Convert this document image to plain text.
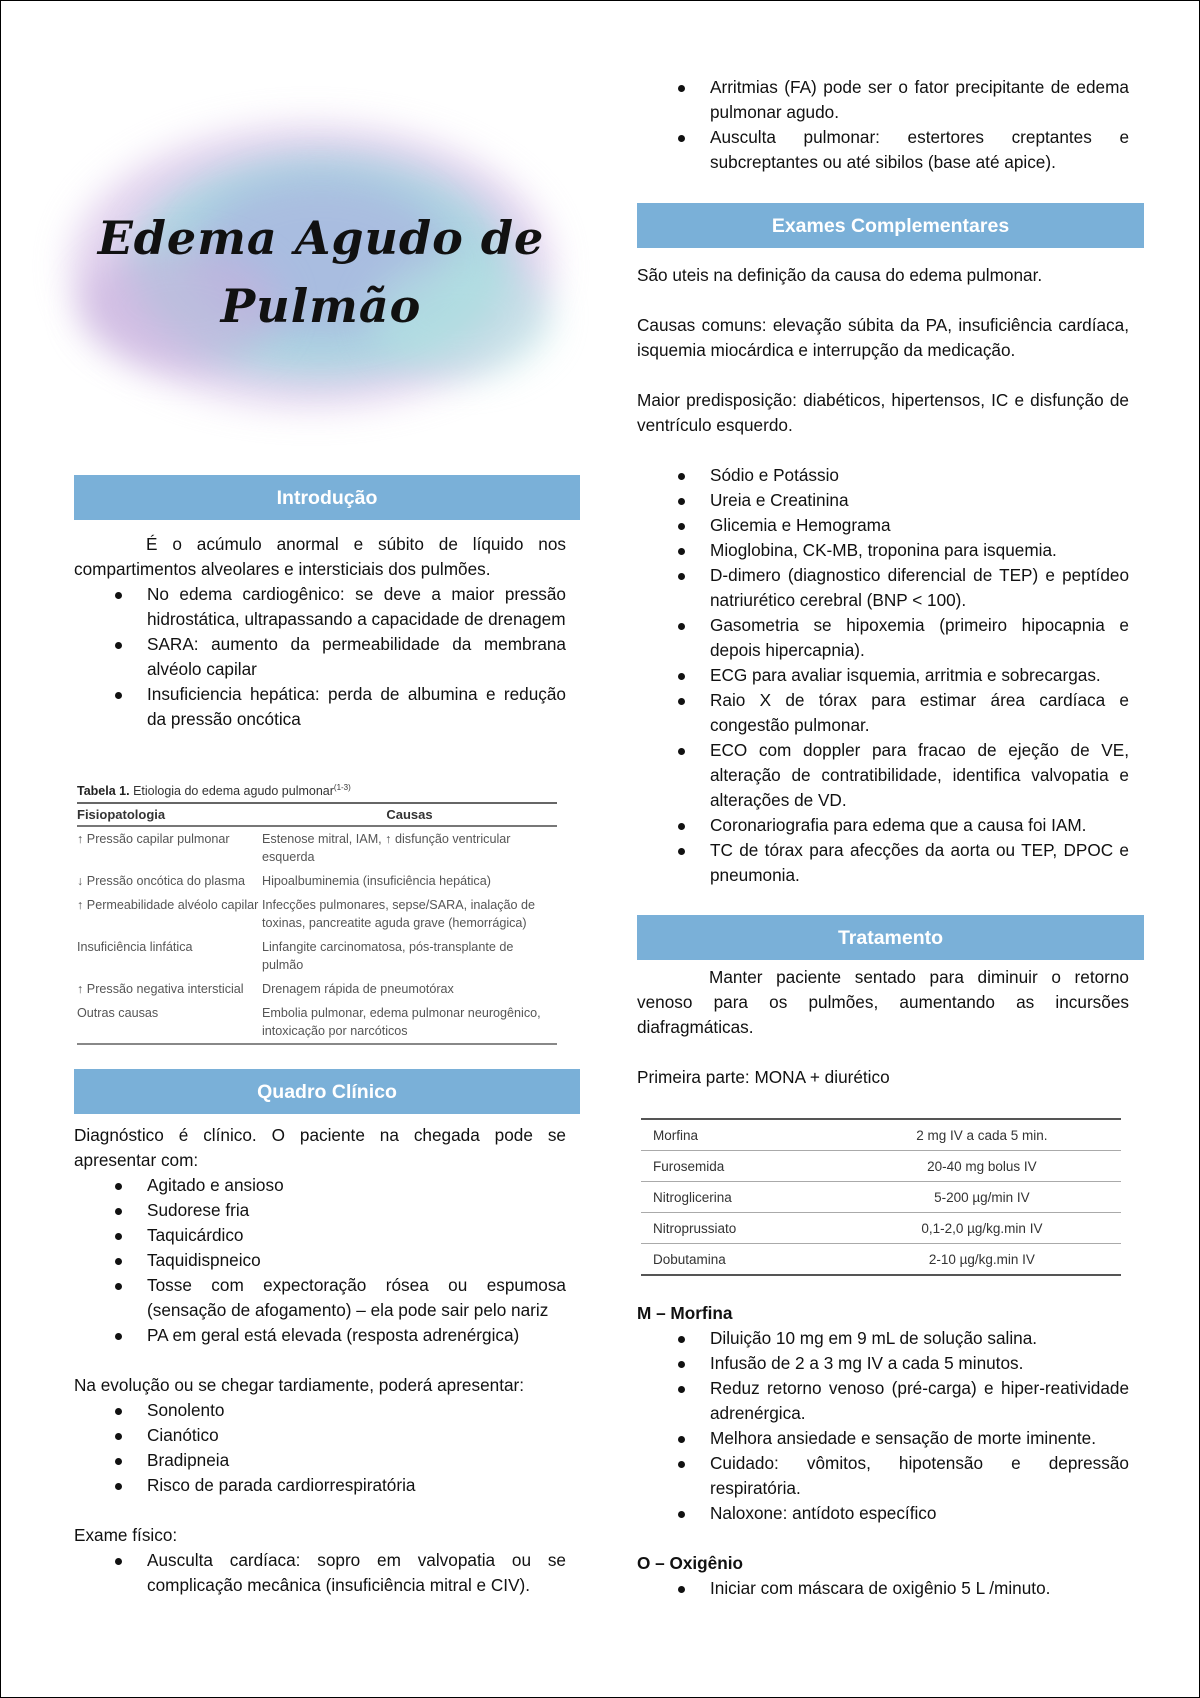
Edema Agudo de
Pulmão
Introdução

É o acúmulo anormal e súbito de líquido nos compartimentos alveolares e intersticiais dos pulmões.

No edema cardiogênico: se deve a maior pressão hidrostática, ultrapassando a capacidade de drenagem
SARA: aumento da permeabilidade da membrana alvéolo capilar
Insuficiencia hepática: perda de albumina e redução da pressão oncótica
Tabela 1. Etiologia do edema agudo pulmonar$^{(1-3)}$
Fisiopatologia	Causas
↑ Pressão capilar pulmonar	Estenose mitral, IAM, ↑ disfunção ventricular esquerda
↓ Pressão oncótica do plasma	Hipoalbuminemia (insuficiência hepática)
↑ Permeabilidade alvéolo capilar	Infecções pulmonares, sepse/SARA, inalação de toxinas, pancreatite aguda grave (hemorrágica)
Insuficiência linfática	Linfangite carcinomatosa, pós-transplante de pulmão
↑ Pressão negativa intersticial	Drenagem rápida de pneumotórax
Outras causas	Embolia pulmonar, edema pulmonar neurogênico, intoxicação por narcóticos
Quadro Clínico

Diagnóstico é clínico. O paciente na chegada pode se apresentar com:

Agitado e ansioso
Sudorese fria
Taquicárdico
Taquidispneico
Tosse com expectoração rósea ou espumosa (sensação de afogamento) – ela pode sair pelo nariz
PA em geral está elevada (resposta adrenérgica)

Na evolução ou se chegar tardiamente, poderá apresentar:

Sonolento
Cianótico
Bradipneia
Risco de parada cardiorrespiratória

Exame físico:

Ausculta cardíaca: sopro em valvopatia ou se complicação mecânica (insuficiência mitral e CIV).
Arritmias (FA) pode ser o fator precipitante de edema pulmonar agudo.
Ausculta pulmonar: estertores creptantes e subcreptantes ou até sibilos (base até apice).
Exames Complementares

São uteis na definição da causa do edema pulmonar.

Causas comuns: elevação súbita da PA, insuficiência cardíaca, isquemia miocárdica e interrupção da medicação.

Maior predisposição: diabéticos, hipertensos, IC e disfunção de ventrículo esquerdo.

Sódio e Potássio
Ureia e Creatinina
Glicemia e Hemograma
Mioglobina, CK-MB, troponina para isquemia.
D-dimero (diagnostico diferencial de TEP) e peptídeo natriurético cerebral (BNP < 100).
Gasometria se hipoxemia (primeiro hipocapnia e depois hipercapnia).
ECG para avaliar isquemia, arritmia e sobrecargas.
Raio X de tórax para estimar área cardíaca e congestão pulmonar.
ECO com doppler para fracao de ejeção de VE, alteração de contratibilidade, identifica valvopatia e alterações de VD.
Coronariografia para edema que a causa foi IAM.
TC de tórax para afecções da aorta ou TEP, DPOC e pneumonia.
Tratamento

Manter paciente sentado para diminuir o retorno venoso para os pulmões, aumentando as incursões diafragmáticas.

Primeira parte: MONA + diurético

M – Morfina
Diluição 10 mg em 9 mL de solução salina.
Infusão de 2 a 3 mg IV a cada 5 minutos.
Reduz retorno venoso (pré-carga) e hiper-reatividade adrenérgica.
Melhora ansiedade e sensação de morte iminente.
Cuidado: vômitos, hipotensão e depressão respiratória.
Naloxone: antídoto específico
O – Oxigênio
Iniciar com máscara de oxigênio 5 L /minuto.
Morfina	2 mg IV a cada 5 min.
Furosemida	20-40 mg bolus IV
Nitroglicerina	5-200 µg/min IV
Nitroprussiato	0,1-2,0 µg/kg.min IV
Dobutamina	2-10 µg/kg.min IV
